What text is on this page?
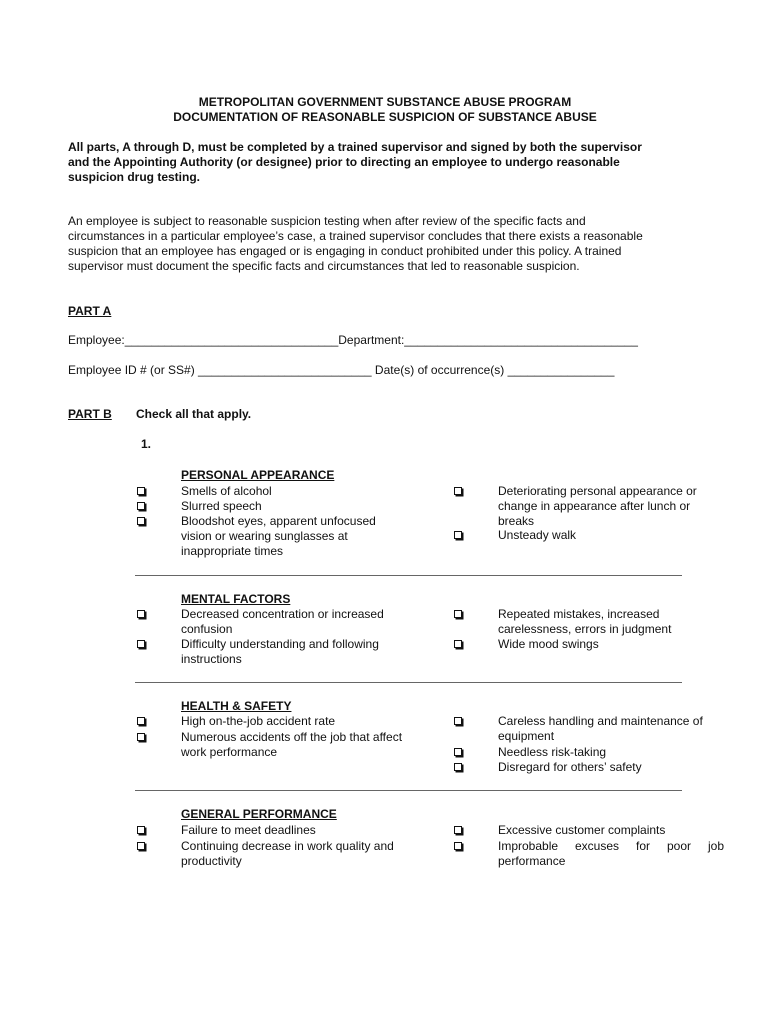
METROPOLITAN GOVERNMENT SUBSTANCE ABUSE PROGRAM
DOCUMENTATION OF REASONABLE SUSPICION OF SUBSTANCE ABUSE
All parts, A through D, must be completed by a trained supervisor and signed by both the supervisor
and the Appointing Authority (or designee) prior to directing an employee to undergo reasonable
suspicion drug testing.
An employee is subject to reasonable suspicion testing when after review of the specific facts and
circumstances in a particular employee’s case, a trained supervisor concludes that there exists a reasonable
suspicion that an employee has engaged or is engaging in conduct prohibited under this policy. A trained
supervisor must document the specific facts and circumstances that led to reasonable suspicion.
PART A
Employee:________________________________Department:___________________________________
Employee ID # (or SS#) __________________________ Date(s) of occurrence(s) ________________
PART B Check all that apply.
1.
PERSONAL APPEARANCE
Smells of alcohol
Slurred speech
Bloodshot eyes, apparent unfocused vision or wearing sunglasses at inappropriate times
Deteriorating personal appearance or change in appearance after lunch or breaks
Unsteady walk
MENTAL FACTORS
Decreased concentration or increased confusion
Difficulty understanding and following instructions
Repeated mistakes, increased carelessness, errors in judgment
Wide mood swings
HEALTH & SAFETY
High on-the-job accident rate
Numerous accidents off the job that affect work performance
Careless handling and maintenance of equipment
Needless risk-taking
Disregard for others’ safety
GENERAL PERFORMANCE
Failure to meet deadlines
Continuing decrease in work quality and productivity
Excessive customer complaints
Improbable excuses for poor job
performance
